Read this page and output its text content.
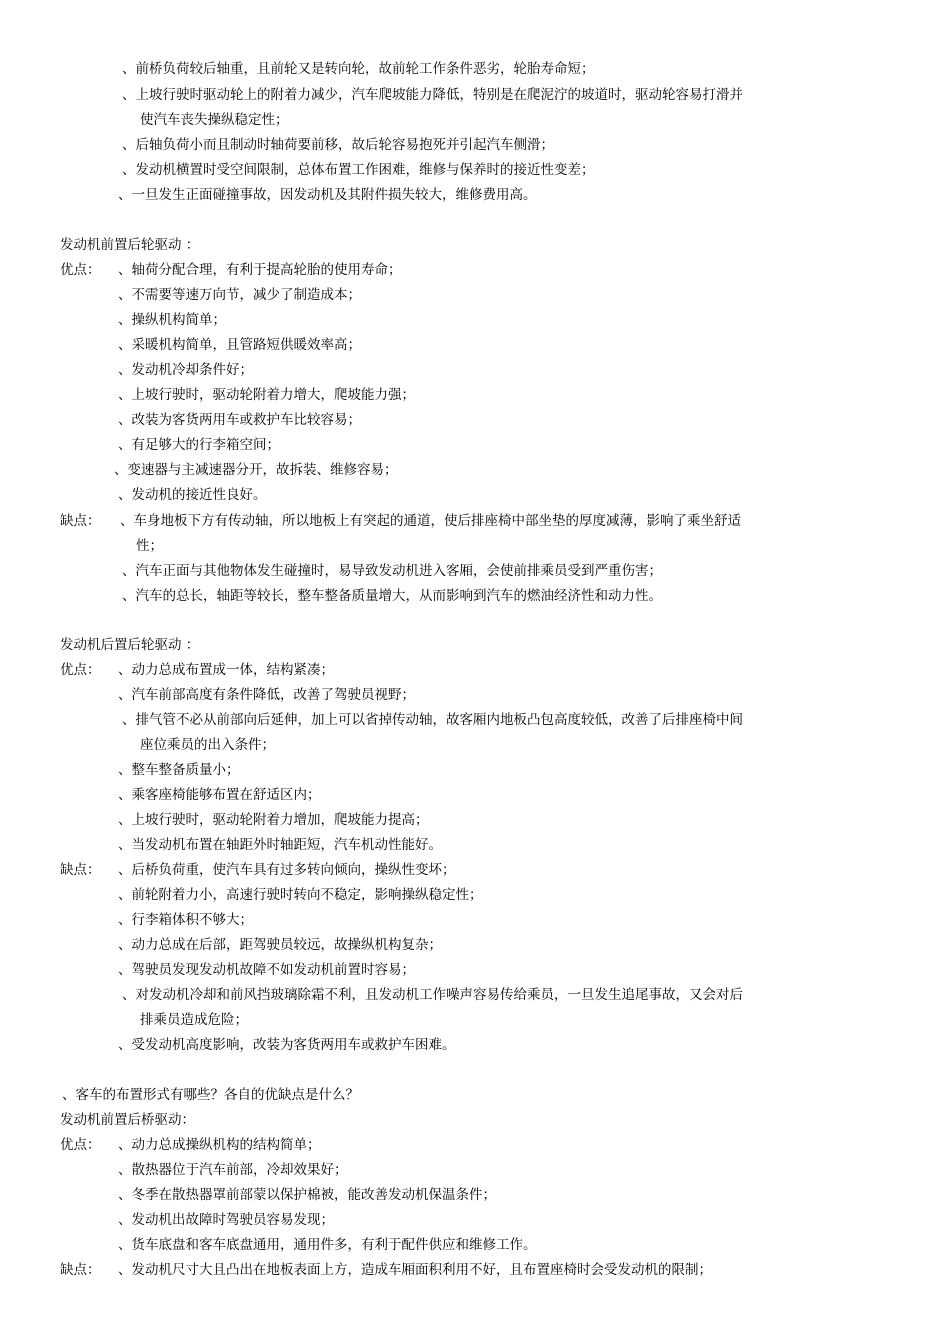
、前桥负荷较后轴重，且前轮又是转向轮，故前轮工作条件恶劣，轮胎寿命短；
、上坡行驶时驱动轮上的附着力减少，汽车爬坡能力降低，特别是在爬泥泞的坡道时，驱动轮容易打滑并
使汽车丧失操纵稳定性；
、后轴负荷小而且制动时轴荷要前移，故后轮容易抱死并引起汽车侧滑；
、发动机横置时受空间限制，总体布置工作困难，维修与保养时的接近性变差；
、一旦发生正面碰撞事故，因发动机及其附件损失较大，维修费用高。
发动机前置后轮驱动 ：
优点： 、轴荷分配合理，有利于提高轮胎的使用寿命；
、不需要等速万向节，减少了制造成本；
、操纵机构简单；
、采暖机构简单，且管路短供暖效率高；
、发动机冷却条件好；
、上坡行驶时，驱动轮附着力增大，爬坡能力强；
、改装为客货两用车或救护车比较容易；
、有足够大的行李箱空间；
、变速器与主减速器分开，故拆装、维修容易；
、发动机的接近性良好。
缺点： 、车身地板下方有传动轴，所以地板上有突起的通道，使后排座椅中部坐垫的厚度减薄，影响了乘坐舒适
性；
、汽车正面与其他物体发生碰撞时，易导致发动机进入客厢，会使前排乘员受到严重伤害；
、汽车的总长，轴距等较长，整车整备质量增大，从而影响到汽车的燃油经济性和动力性。
发动机后置后轮驱动 ：
优点： 、动力总成布置成一体，结构紧凑；
、汽车前部高度有条件降低，改善了驾驶员视野；
、排气管不必从前部向后延伸，加上可以省掉传动轴，故客厢内地板凸包高度较低，改善了后排座椅中间
座位乘员的出入条件；
、整车整备质量小；
、乘客座椅能够布置在舒适区内；
、上坡行驶时，驱动轮附着力增加，爬坡能力提高；
、当发动机布置在轴距外时轴距短，汽车机动性能好。
缺点： 、后桥负荷重，使汽车具有过多转向倾向，操纵性变坏；
、前轮附着力小，高速行驶时转向不稳定，影响操纵稳定性；
、行李箱体积不够大；
、动力总成在后部，距驾驶员较远，故操纵机构复杂；
、驾驶员发现发动机故障不如发动机前置时容易；
、对发动机冷却和前风挡玻璃除霜不利，且发动机工作噪声容易传给乘员，一旦发生追尾事故，又会对后
排乘员造成危险；
、受发动机高度影响，改装为客货两用车或救护车困难。
、客车的布置形式有哪些？各自的优缺点是什么？
发动机前置后桥驱动：
优点： 、动力总成操纵机构的结构简单；
、散热器位于汽车前部，冷却效果好；
、冬季在散热器罩前部蒙以保护棉被，能改善发动机保温条件；
、发动机出故障时驾驶员容易发现；
、货车底盘和客车底盘通用，通用件多，有利于配件供应和维修工作。
缺点： 、发动机尺寸大且凸出在地板表面上方，造成车厢面积利用不好，且布置座椅时会受发动机的限制；
